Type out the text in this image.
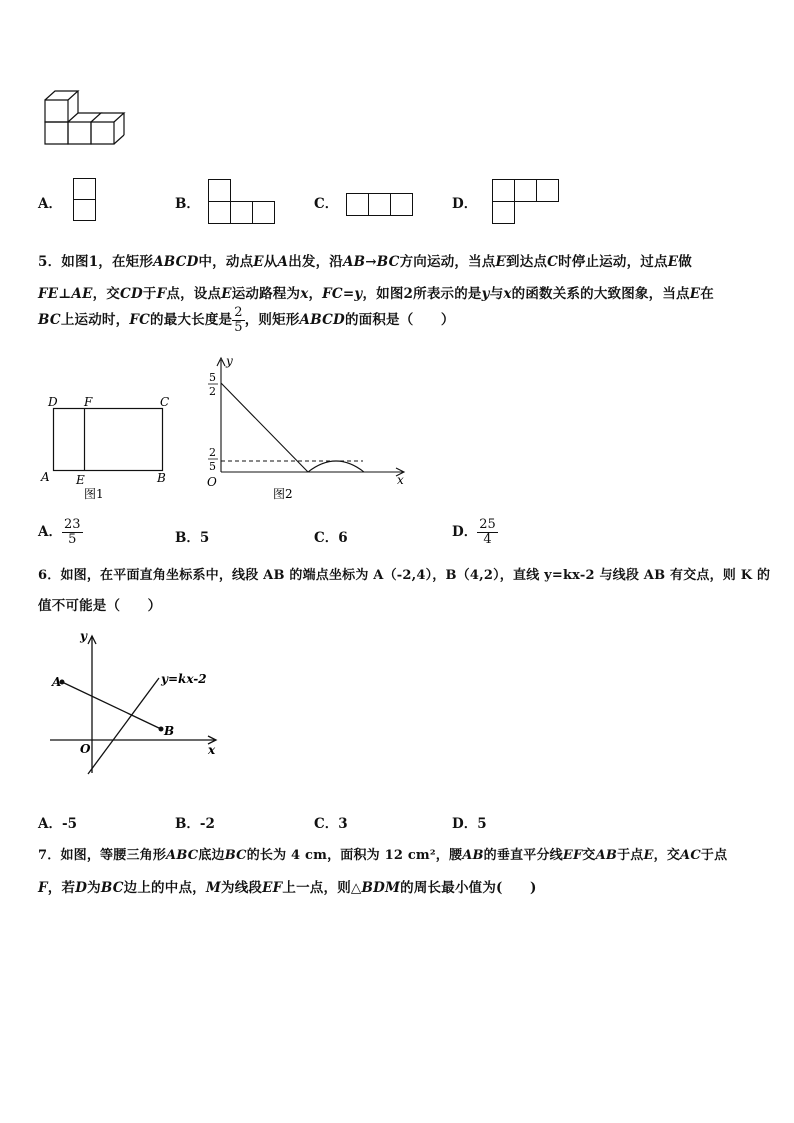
A．	B．	C．	D．
5．如图1，在矩形ABCD中，动点E从A出发，沿AB→BC方向运动，当点E到达点C时停止运动，过点E做
FE⊥AE，交CD于F点，设点E运动路程为x，FC=y，如图2所表示的是y与x的函数关系的大致图象，当点E在
BC上运动时，FC的最大长度是 $\frac{2}{5}$ ，则矩形ABCD的面积是（　　）
D F	C
A E	B
图1
y
x
O
5
2
2
5
图2
A． $\frac{23}{5}$	B．5	C．6	D． $\frac{25}{4}$
6．如图，在平面直角坐标系中，线段 AB 的端点坐标为 A（-2,4），B（4,2），直线 y=kx-2 与线段 AB 有交点，则 K 的
值不可能是（　　）
y
x
O
A
B
y=kx-2
A．-5	B．-2	C．3	D．5
7．如图，等腰三角形ABC底边BC的长为 4 cm，面积为 12 cm²，腰AB的垂直平分线EF交AB于点E，交AC于点
F，若D为BC边上的中点，M为线段EF上一点，则△BDM的周长最小值为(　　)
